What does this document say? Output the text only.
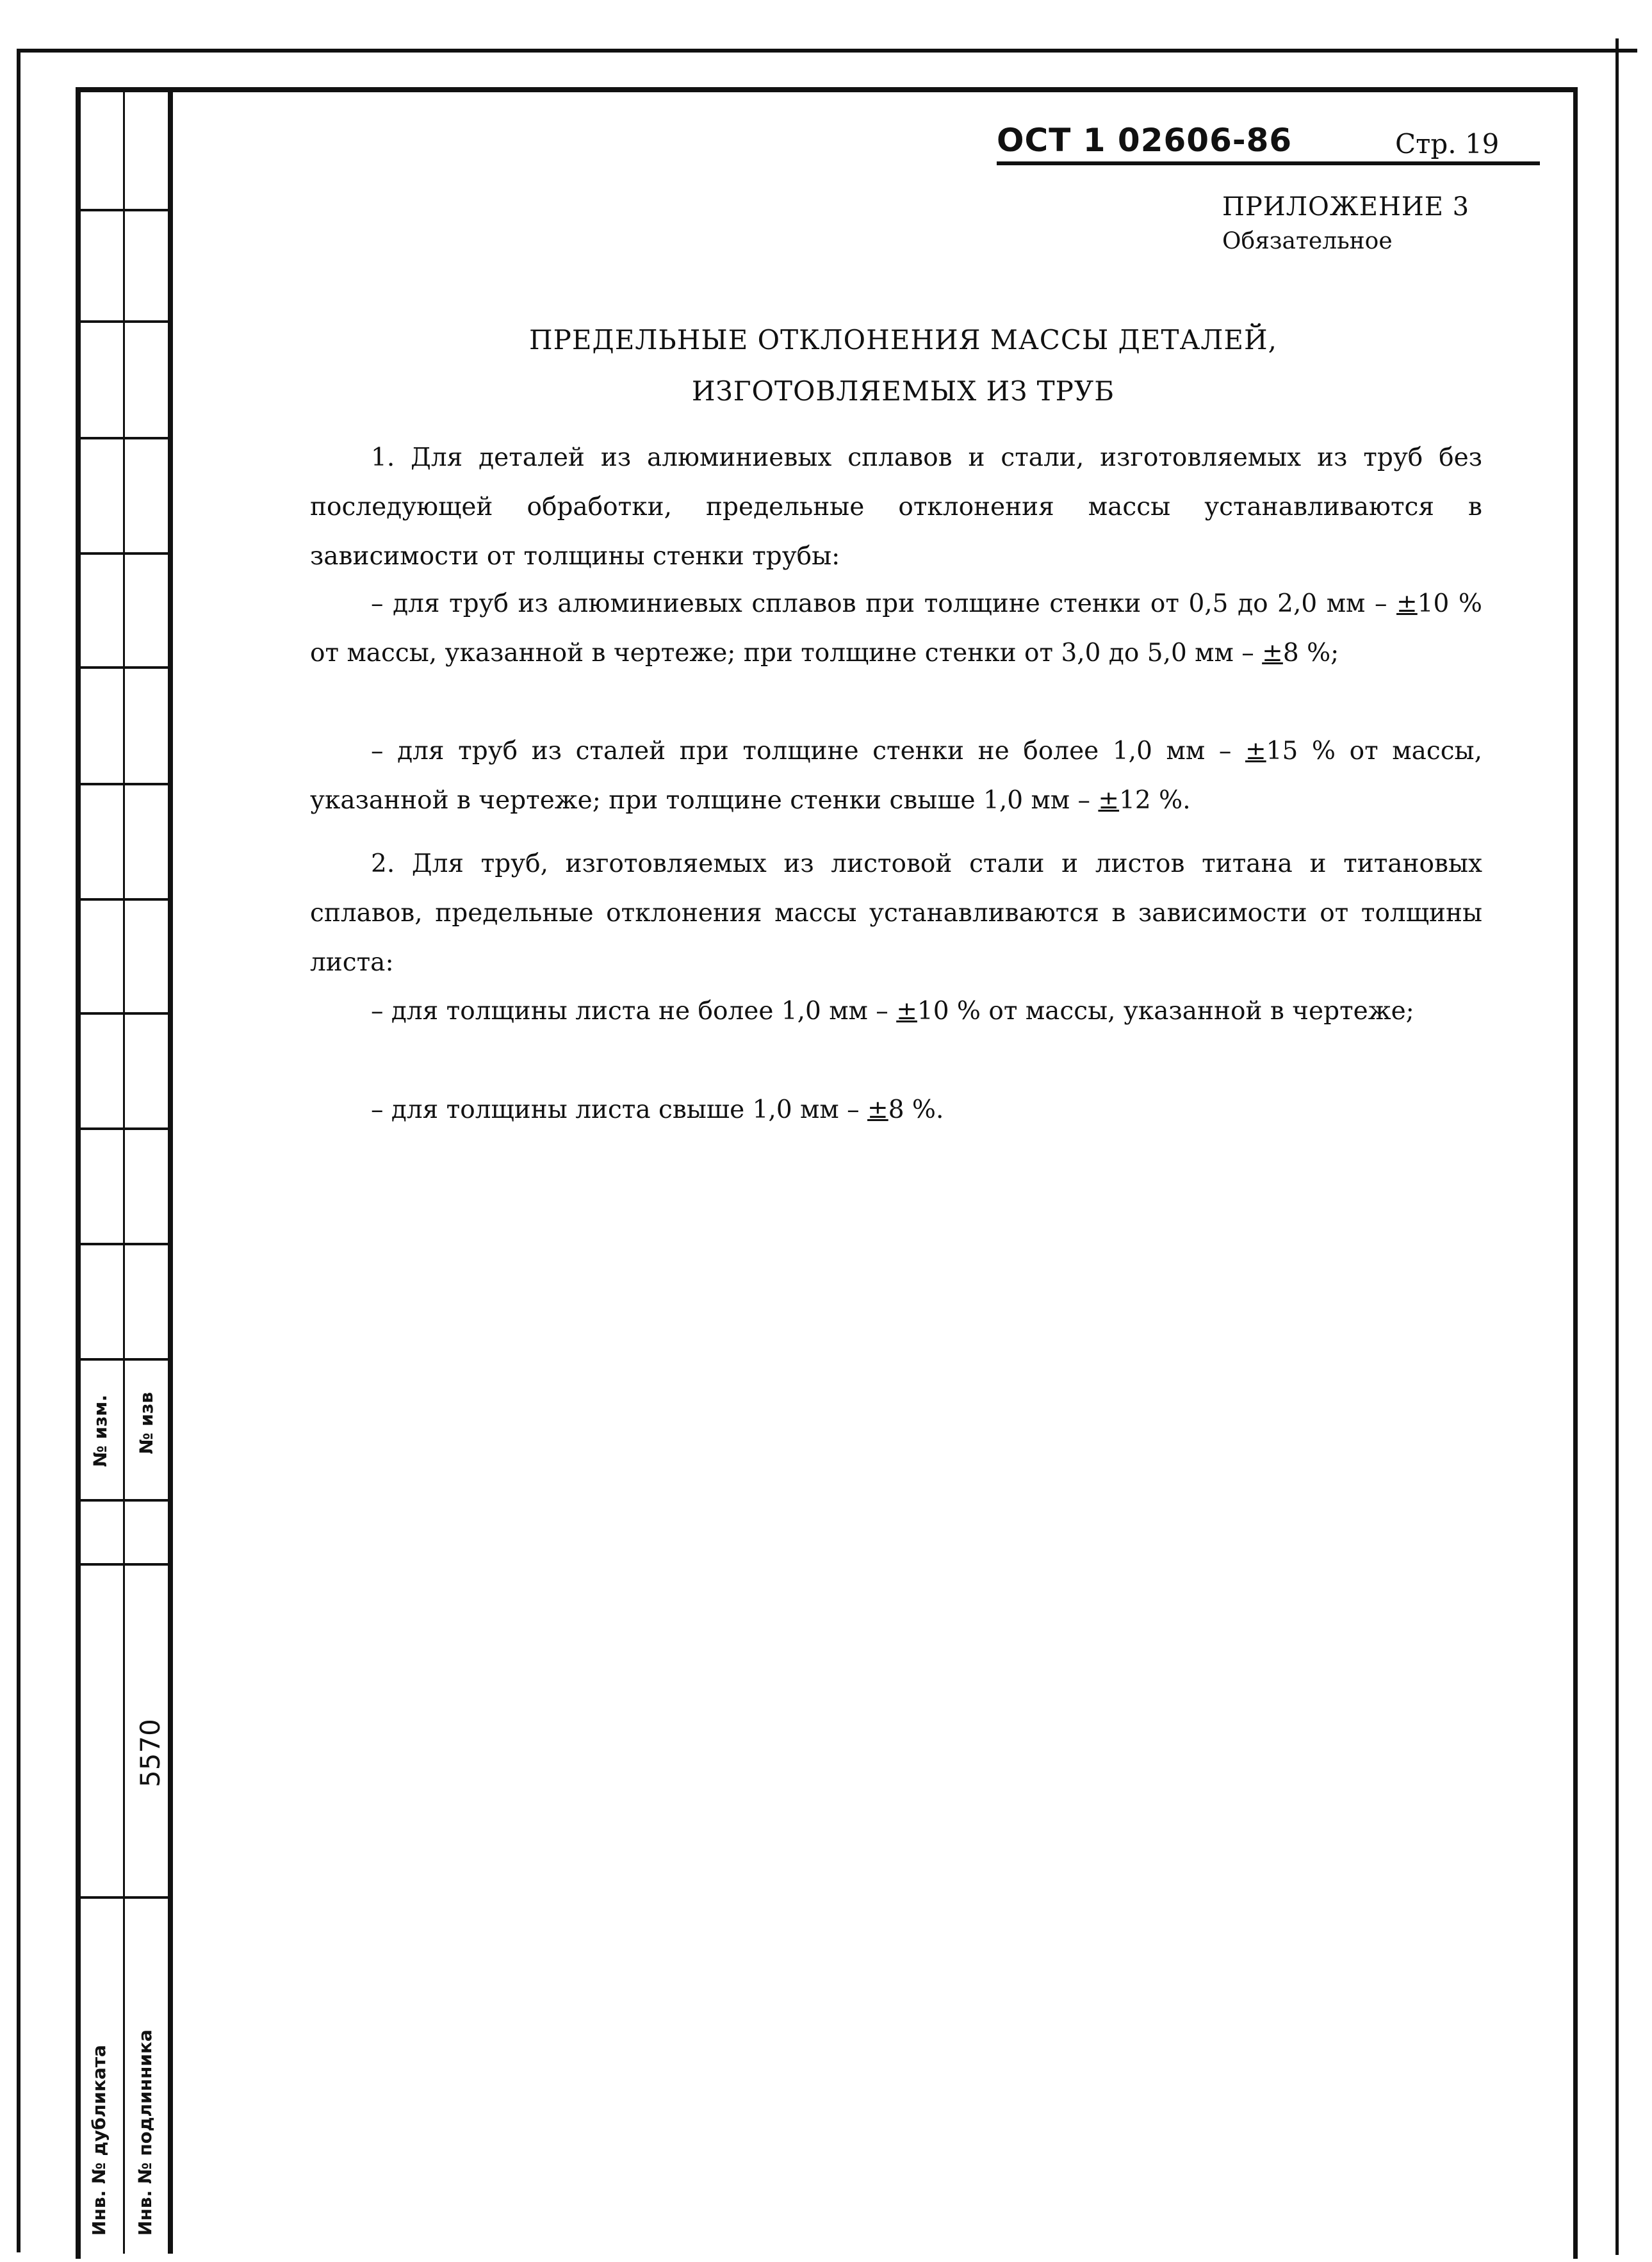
№ изм. № изв
5570
Инв. № дубликата Инв. № подлинника
ОСТ 1 02606-86	Стр. 19
ПРИЛОЖЕНИЕ 3
Обязательное
ПРЕДЕЛЬНЫЕ ОТКЛОНЕНИЯ МАССЫ ДЕТАЛЕЙ,
ИЗГОТОВЛЯЕМЫХ ИЗ ТРУБ
1. Для деталей из алюминиевых сплавов и стали, изготовляемых из труб без последующей обработки, предельные отклонения массы устанавливаются в зависимости от толщины стенки трубы:
– для труб из алюминиевых сплавов при толщине стенки от 0,5 до 2,0 мм – ±10 % от массы, указанной в чертеже; при толщине стенки от 3,0 до 5,0 мм – ±8 %;
– для труб из сталей при толщине стенки не более 1,0 мм – ±15 % от массы, указанной в чертеже; при толщине стенки свыше 1,0 мм – ±12 %.
2. Для труб, изготовляемых из листовой стали и листов титана и титановых сплавов, предельные отклонения массы устанавливаются в зависимости от толщины листа:
– для толщины листа не более 1,0 мм – ±10 % от массы, указанной в чертеже;
– для толщины листа свыше 1,0 мм – ±8 %.
